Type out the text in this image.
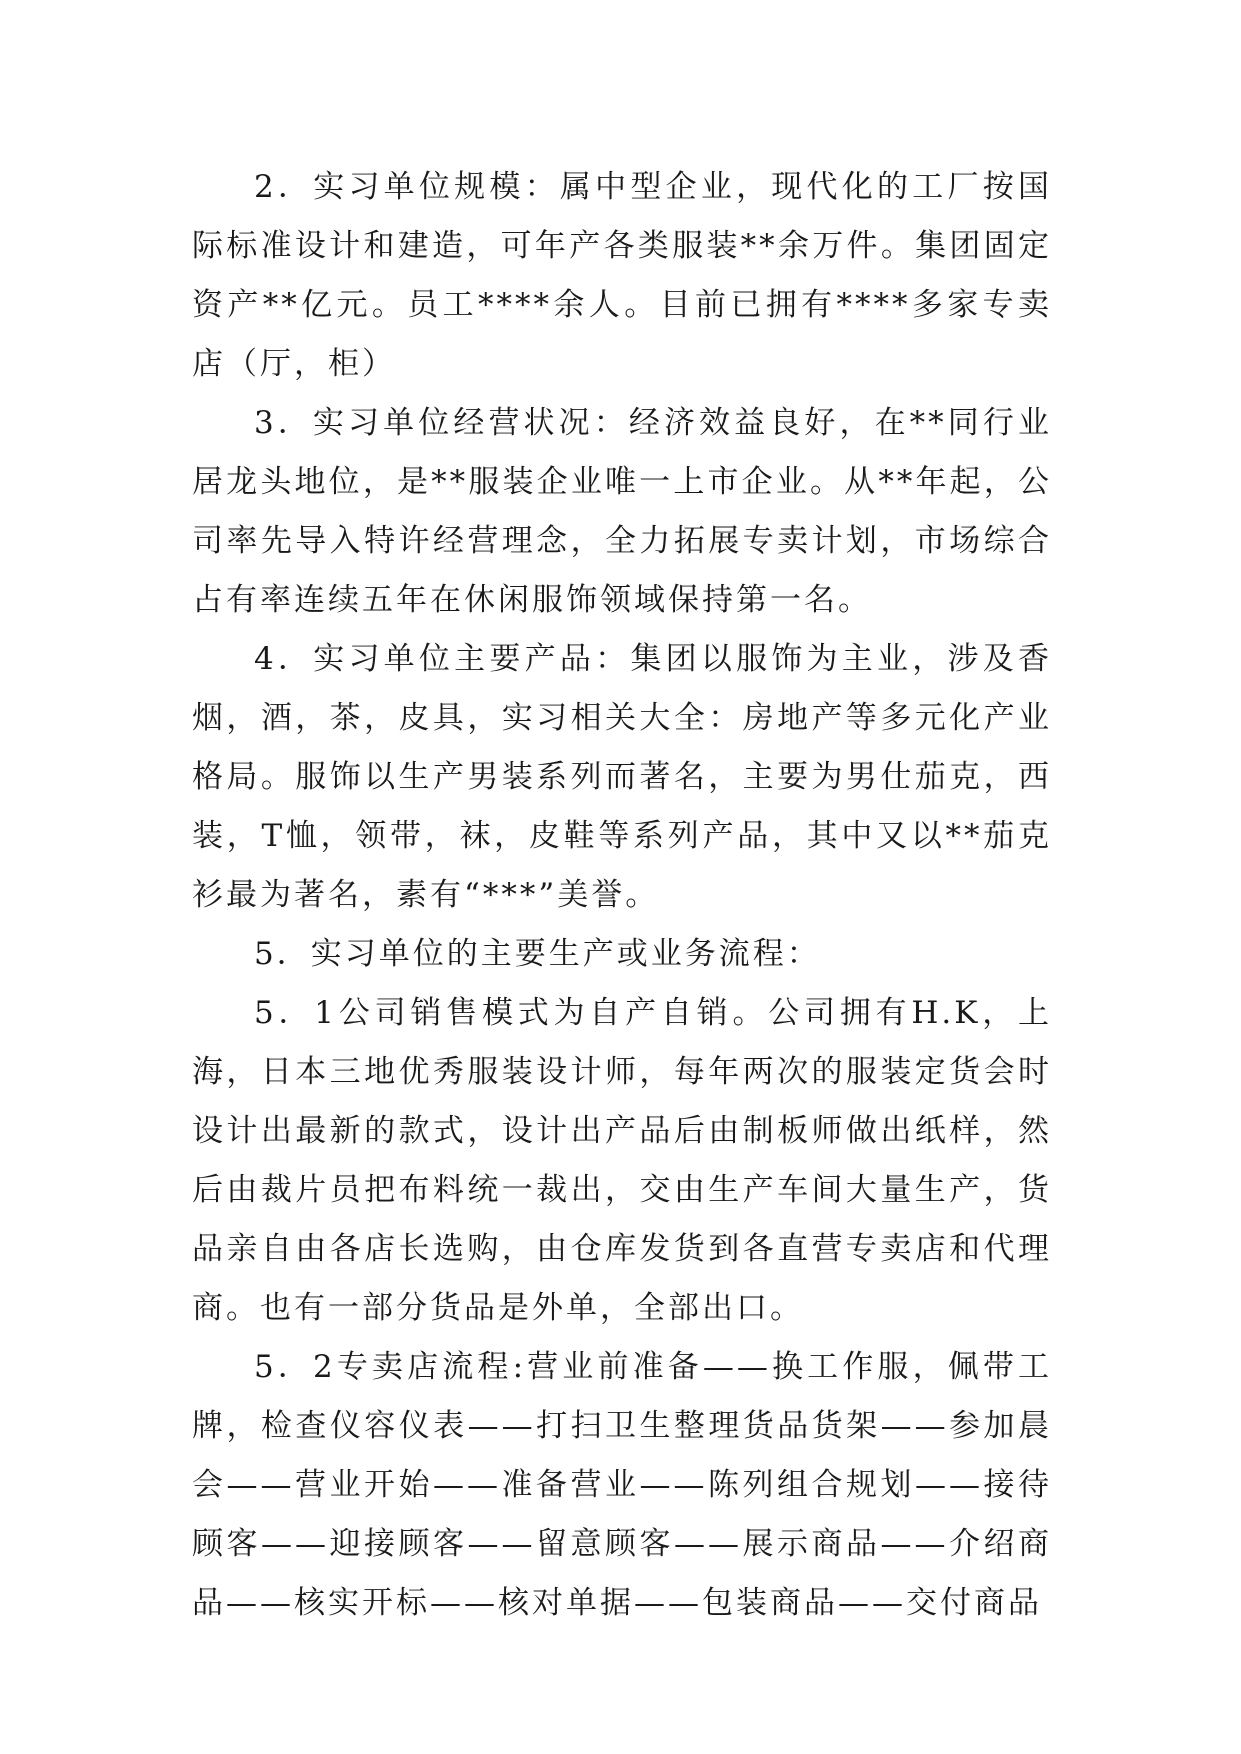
2．实习单位规模：属中型企业，现代化的工厂按国际标准设计和建造，可年产各类服装**余万件。集团固定资产**亿元。员工****余人。目前已拥有****多家专卖店（厅，柜）

3．实习单位经营状况：经济效益良好，在**同行业居龙头地位，是**服装企业唯一上市企业。从**年起，公司率先导入特许经营理念，全力拓展专卖计划，市场综合占有率连续五年在休闲服饰领域保持第一名。

4．实习单位主要产品：集团以服饰为主业，涉及香烟，酒，茶，皮具，实习相关大全：房地产等多元化产业格局。服饰以生产男装系列而著名，主要为男仕茄克，西装，T恤，领带，袜，皮鞋等系列产品，其中又以**茄克衫最为著名，素有“***”美誉。

5．实习单位的主要生产或业务流程：

5．1公司销售模式为自产自销。公司拥有H.K，上海，日本三地优秀服装设计师，每年两次的服装定货会时设计出最新的款式，设计出产品后由制板师做出纸样，然后由裁片员把布料统一裁出，交由生产车间大量生产，货品亲自由各店长选购，由仓库发货到各直营专卖店和代理商。也有一部分货品是外单，全部出口。

5．2专卖店流程:营业前准备——换工作服，佩带工牌，检查仪容仪表——打扫卫生整理货品货架——参加晨会——营业开始——准备营业——陈列组合规划——接待顾客——迎接顾客——留意顾客——展示商品——介绍商品——核实开标——核对单据——包装商品——交付商品
